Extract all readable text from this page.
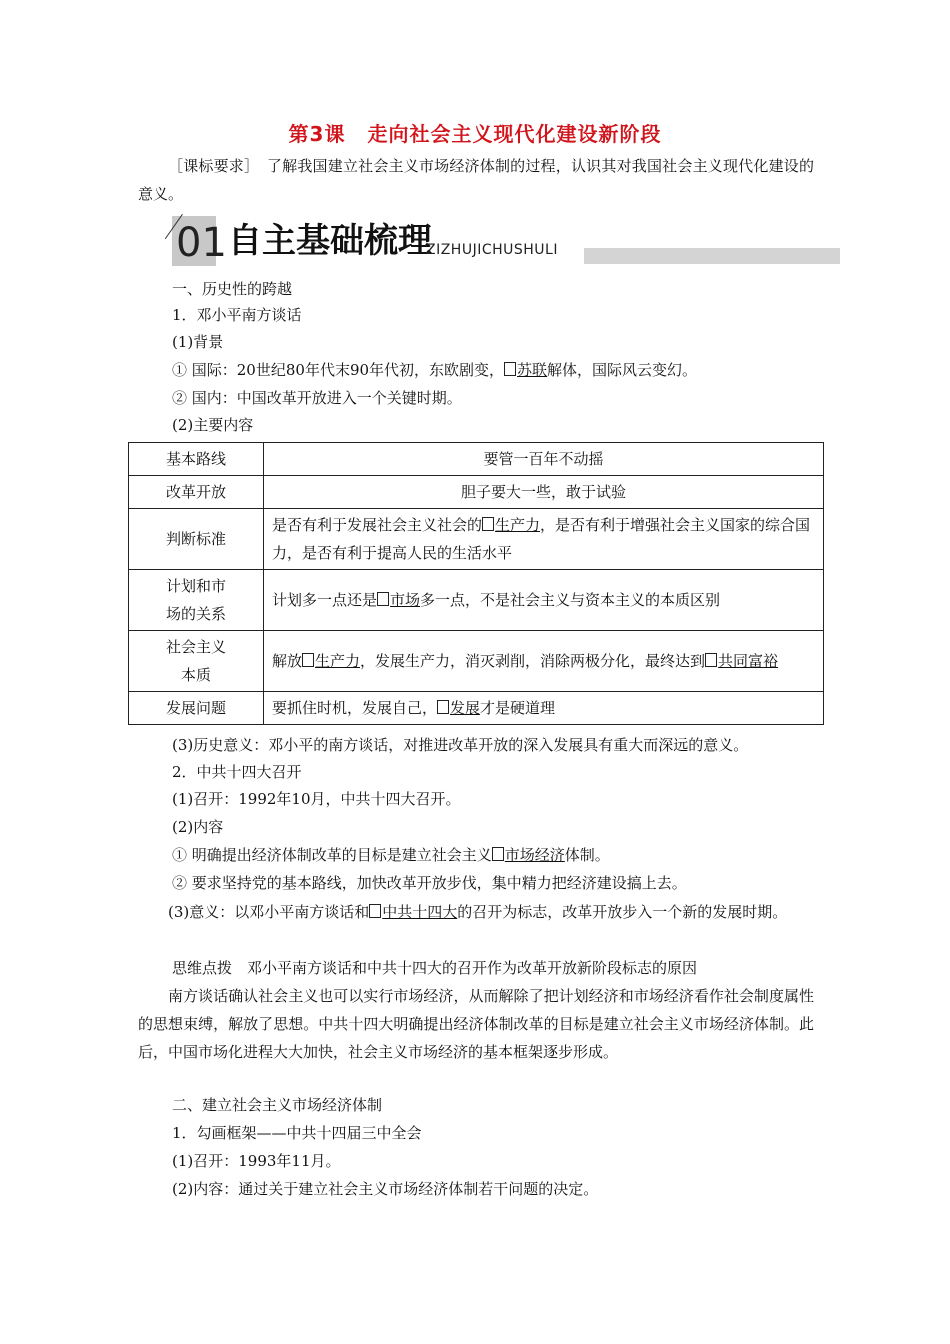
第3课 走向社会主义现代化建设新阶段
［课标要求］　了解我国建立社会主义市场经济体制的过程，认识其对我国社会主义现代化建设的意义。
01 自主基础梳理
ZIZHUJICHUSHULI
一、历史性的跨越
1．邓小平南方谈话
(1)背景
① 国际：20世纪80年代末90年代初，东欧剧变， 苏联解体，国际风云变幻。
② 国内：中国改革开放进入一个关键时期。
(2)主要内容
基本路线	要管一百年不动摇
改革开放	胆子要大一些，敢于试验
判断标准	是否有利于发展社会主义社会的 生产力，是否有利于增强社会主义国家的综合国力，是否有利于提高人民的生活水平
计划和市
场的关系	计划多一点还是 市场多一点，不是社会主义与资本主义的本质区别
社会主义
本质	解放 生产力，发展生产力，消灭剥削，消除两极分化，最终达到 共同富裕
发展问题	要抓住时机，发展自己， 发展才是硬道理
(3)历史意义：邓小平的南方谈话，对推进改革开放的深入发展具有重大而深远的意义。
2．中共十四大召开
(1)召开：1992年10月，中共十四大召开。
(2)内容
① 明确提出经济体制改革的目标是建立社会主义 市场经济体制。
② 要求坚持党的基本路线，加快改革开放步伐，集中精力把经济建设搞上去。
(3)意义：以邓小平南方谈话和 中共十四大的召开为标志，改革开放步入一个新的发展时期。
思维点拨　邓小平南方谈话和中共十四大的召开作为改革开放新阶段标志的原因
南方谈话确认社会主义也可以实行市场经济，从而解除了把计划经济和市场经济看作社会制度属性的思想束缚，解放了思想。中共十四大明确提出经济体制改革的目标是建立社会主义市场经济体制。此后，中国市场化进程大大加快，社会主义市场经济的基本框架逐步形成。
二、建立社会主义市场经济体制
1．勾画框架——中共十四届三中全会
(1)召开：1993年11月。
(2)内容：通过关于建立社会主义市场经济体制若干问题的决定。
